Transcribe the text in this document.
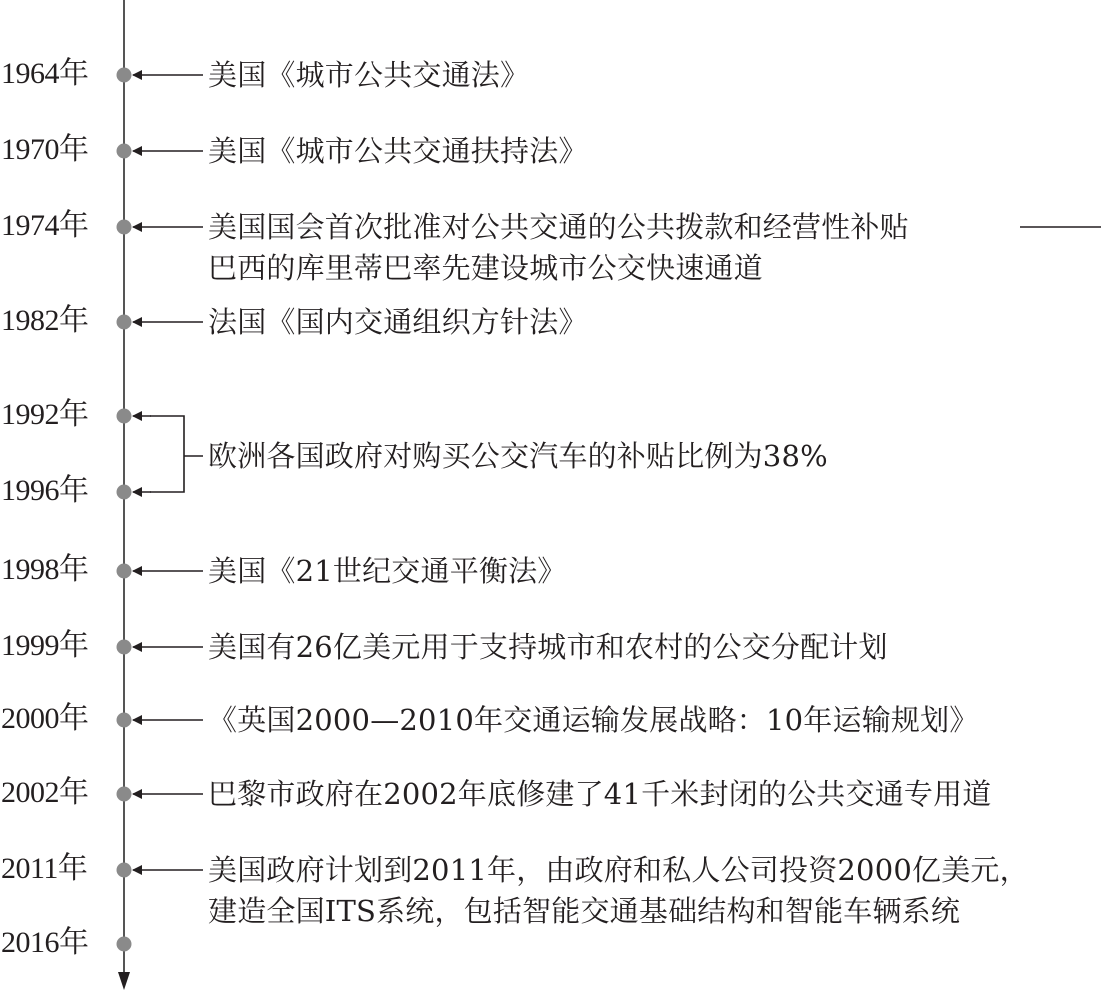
1964年
1970年
1974年
1982年
1992年
1996年
1998年
1999年
2000年
2002年
2011年
2016年
美国《城市公共交通法》
美国《城市公共交通扶持法》
美国国会首次批准对公共交通的公共拨款和经营性补贴
巴西的库里蒂巴率先建设城市公交快速通道
法国《国内交通组织方针法》
欧洲各国政府对购买公交汽车的补贴比例为38%
美国《21世纪交通平衡法》
美国有26亿美元用于支持城市和农村的公交分配计划
《英国2000—2010年交通运输发展战略：10年运输规划》
巴黎市政府在2002年底修建了41千米封闭的公共交通专用道
美国政府计划到2011年，由政府和私人公司投资2000亿美元，
建造全国ITS系统，包括智能交通基础结构和智能车辆系统
